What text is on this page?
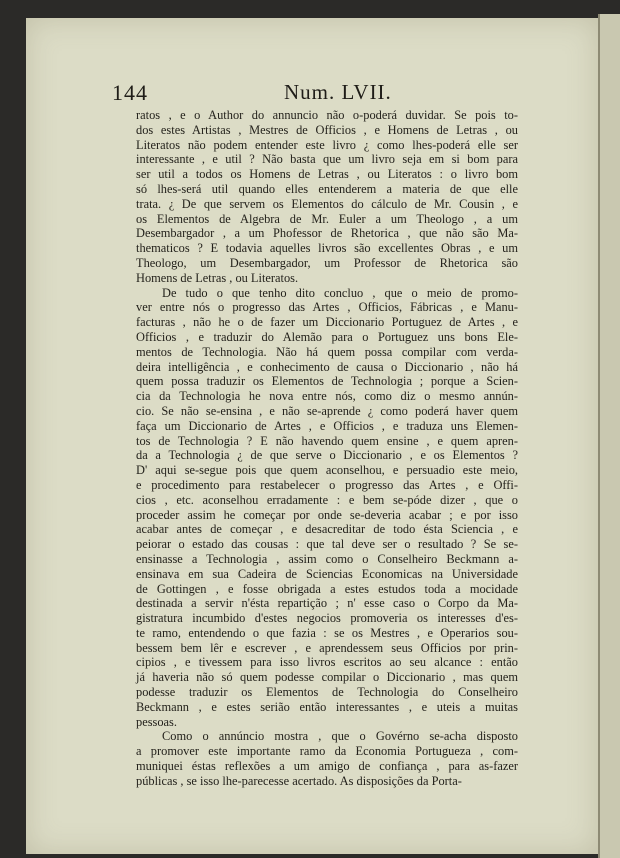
144	Num. LVII.
ratos , e o Author do annuncio não o-poderá duvidar. Se pois to-
dos estes Artistas , Mestres de Officios , e Homens de Letras , ou
Literatos não podem entender este livro ¿ como lhes-poderá elle ser
interessante , e util ? Não basta que um livro seja em si bom para
ser util a todos os Homens de Letras , ou Literatos : o livro bom
só lhes-será util quando elles entenderem a materia de que elle
trata. ¿ De que servem os Elementos do cálculo de Mr. Cousin , e
os Elementos de Algebra de Mr. Euler a um Theologo , a um
Desembargador , a um Phofessor de Rhetorica , que não são Ma-
thematicos ? E todavia aquelles livros são excellentes Obras , e um
Theologo, um Desembargador, um Professor de Rhetorica são
Homens de Letras , ou Literatos.
De tudo o que tenho dito concluo , que o meio de promo-
ver entre nós o progresso das Artes , Officios, Fábricas , e Manu-
facturas , não he o de fazer um Diccionario Portuguez de Artes , e
Officios , e traduzir do Alemão para o Portuguez uns bons Ele-
mentos de Technologia. Não há quem possa compilar com verda-
deira intelligência , e conhecimento de causa o Diccionario , não há
quem possa traduzir os Elementos de Technologia ; porque a Scien-
cia da Technologia he nova entre nós, como diz o mesmo annún-
cio. Se não se-ensina , e não se-aprende ¿ como poderá haver quem
faça um Diccionario de Artes , e Officios , e traduza uns Elemen-
tos de Technologia ? E não havendo quem ensine , e quem apren-
da a Technologia ¿ de que serve o Diccionario , e os Elementos ?
D' aqui se-segue pois que quem aconselhou, e persuadio este meio,
e procedimento para restabelecer o progresso das Artes , e Offi-
cios , etc. aconselhou erradamente : e bem se-póde dizer , que o
proceder assim he começar por onde se-deveria acabar ; e por isso
acabar antes de começar , e desacreditar de todo ésta Sciencia , e
peiorar o estado das cousas : que tal deve ser o resultado ? Se se-
ensinasse a Technologia , assim como o Conselheiro Beckmann a-
ensinava em sua Cadeira de Sciencias Economicas na Universidade
de Gottingen , e fosse obrigada a estes estudos toda a mocidade
destinada a servir n'ésta repartição ; n' esse caso o Corpo da Ma-
gistratura incumbido d'estes negocios promoveria os interesses d'es-
te ramo, entendendo o que fazia : se os Mestres , e Operarios sou-
bessem bem lêr e escrever , e aprendessem seus Officios por prin-
cipios , e tivessem para isso livros escritos ao seu alcance : então
já haveria não só quem podesse compilar o Diccionario , mas quem
podesse traduzir os Elementos de Technologia do Conselheiro
Beckmann , e estes serião então interessantes , e uteis a muitas
pessoas.
Como o annúncio mostra , que o Govérno se-acha disposto
a promover este importante ramo da Economia Portugueza , com-
muniquei éstas reflexões a um amigo de confiança , para as-fazer
públicas , se isso lhe-parecesse acertado. As disposições da Porta-
